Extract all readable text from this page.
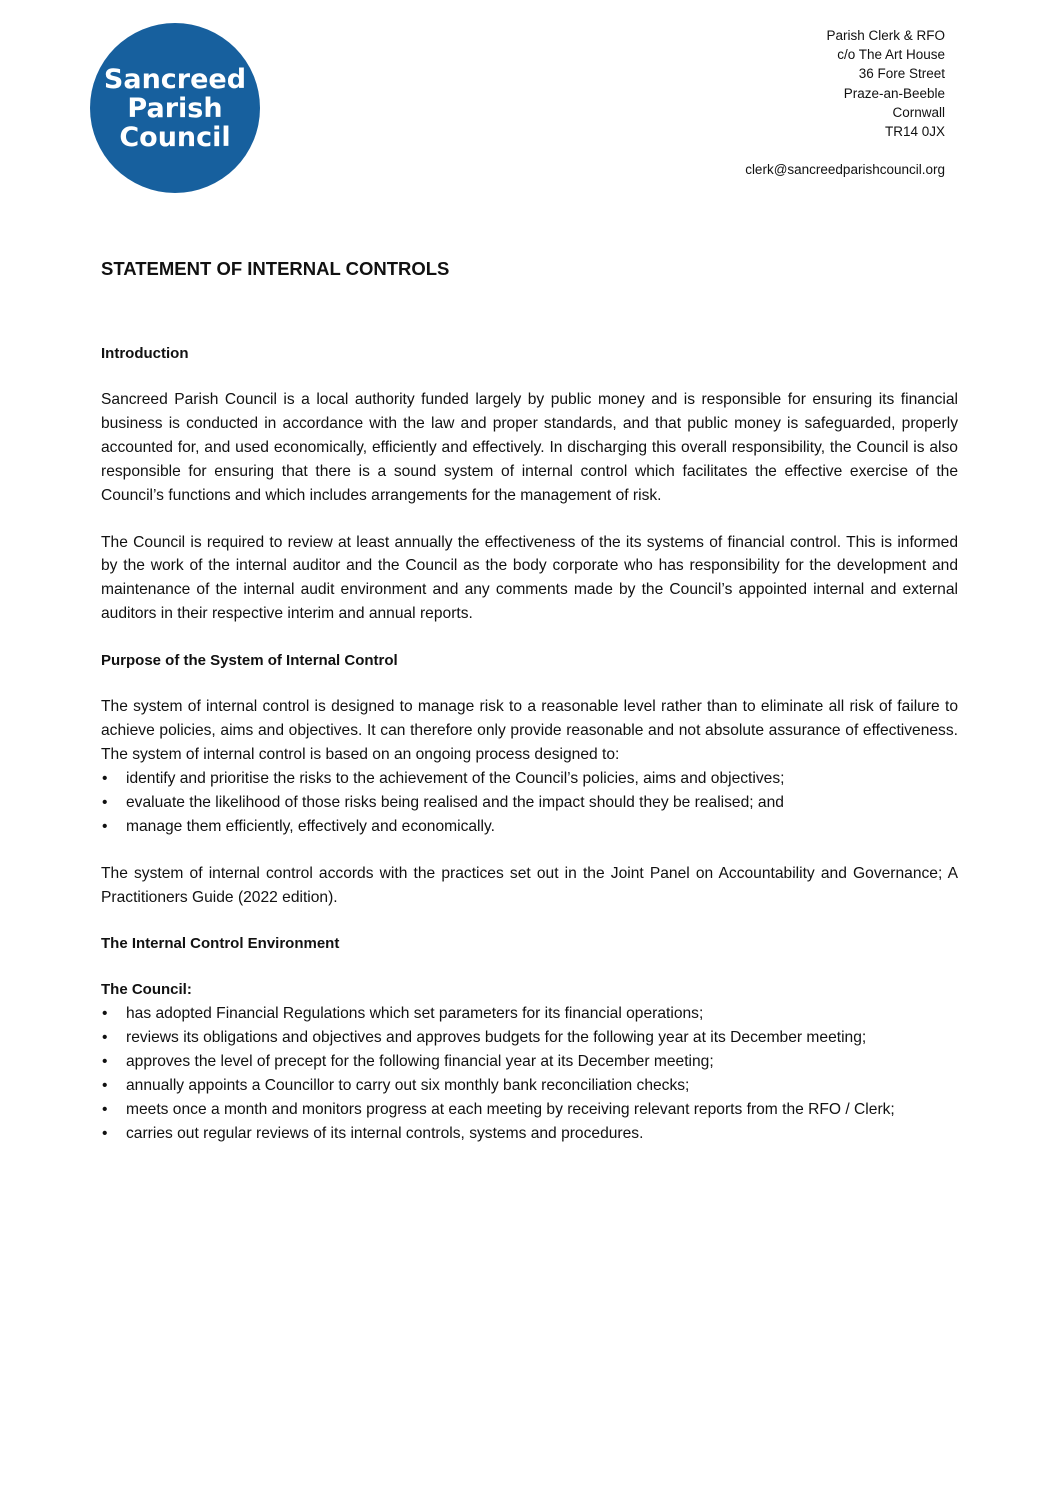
Sancreed
Parish
Council
Parish Clerk & RFO
c/o The Art House
36 Fore Street
Praze-an-Beeble
Cornwall
TR14 0JX
clerk@sancreedparishcouncil.org
STATEMENT OF INTERNAL CONTROLS
Introduction

Sancreed Parish Council is a local authority funded largely by public money and is responsible for ensuring its financial business is conducted in accordance with the law and proper standards, and that public money is safeguarded, properly accounted for, and used economically, efficiently and effectively. In discharging this overall responsibility, the Council is also responsible for ensuring that there is a sound system of internal control which facilitates the effective exercise of the Council’s functions and which includes arrangements for the management of risk.

The Council is required to review at least annually the effectiveness of the its systems of financial control. This is informed by the work of the internal auditor and the Council as the body corporate who has responsibility for the development and maintenance of the internal audit environment and any comments made by the Council’s appointed internal and external auditors in their respective interim and annual reports.

Purpose of the System of Internal Control

The system of internal control is designed to manage risk to a reasonable level rather than to eliminate all risk of failure to achieve policies, aims and objectives. It can therefore only provide reasonable and not absolute assurance of effectiveness. The system of internal control is based on an ongoing process designed to:

• identify and prioritise the risks to the achievement of the Council’s policies, aims and objectives;
• evaluate the likelihood of those risks being realised and the impact should they be realised; and
• manage them efficiently, effectively and economically.

The system of internal control accords with the practices set out in the Joint Panel on Accountability and Governance; A Practitioners Guide (2022 edition).

The Internal Control Environment
The Council:
• has adopted Financial Regulations which set parameters for its financial operations;
• reviews its obligations and objectives and approves budgets for the following year at its December meeting;
• approves the level of precept for the following financial year at its December meeting;
• annually appoints a Councillor to carry out six monthly bank reconciliation checks;
• meets once a month and monitors progress at each meeting by receiving relevant reports from the RFO / Clerk;
• carries out regular reviews of its internal controls, systems and procedures.
